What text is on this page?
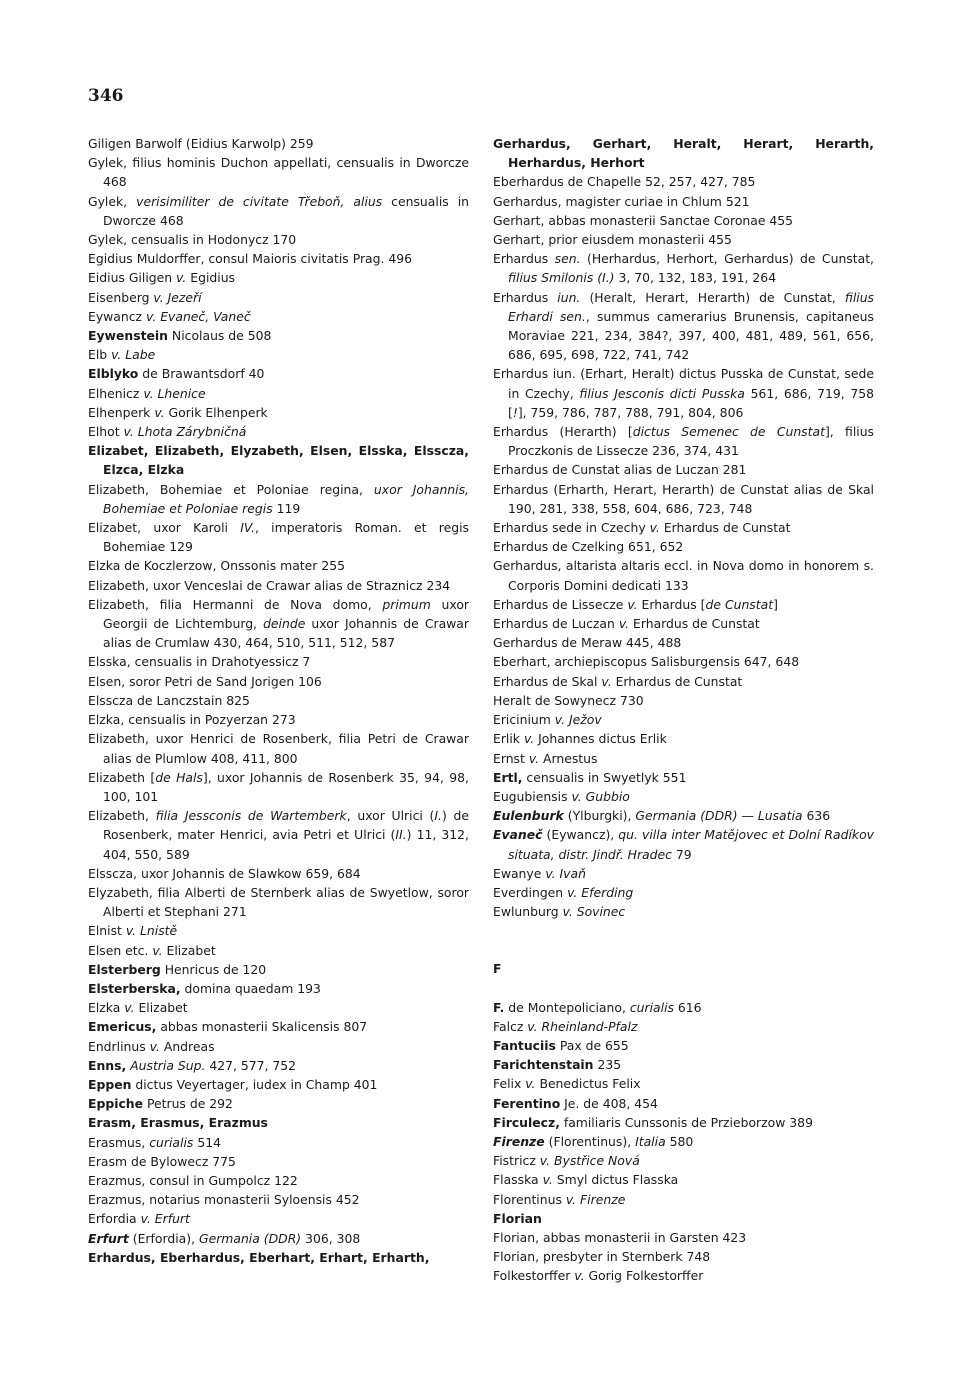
346
Giligen Barwolf (Eidius Karwolp) 259
Gylek, filius hominis Duchon appellati, censualis in Dworcze 468
Gylek, verisimiliter de civitate Třeboň, alius censualis in Dworcze 468
Gylek, censualis in Hodonycz 170
Egidius Muldorffer, consul Maioris civitatis Prag. 496
Eidius Giligen v. Egidius
Eisenberg v. Jezeří
Eywancz v. Evaneč, Vaneč
Eywenstein Nicolaus de 508
Elb v. Labe
Elblyko de Brawantsdorf 40
Elhenicz v. Lhenice
Elhenperk v. Gorik Elhenperk
Elhot v. Lhota Zárybničná
Elizabet, Elizabeth, Elyzabeth, Elsen, Elsska, Elsscza, Elzca, Elzka
Elizabeth, Bohemiae et Poloniae regina, uxor Johannis, Bohemiae et Poloniae regis 119
Elizabet, uxor Karoli IV., imperatoris Roman. et regis Bohemiae 129
Elzka de Koczlerzow, Onssonis mater 255
Elizabeth, uxor Venceslai de Crawar alias de Straznicz 234
Elizabeth, filia Hermanni de Nova domo, primum uxor Georgii de Lichtemburg, deinde uxor Johannis de Crawar alias de Crumlaw 430, 464, 510, 511, 512, 587
Elsska, censualis in Drahotyessicz 7
Elsen, soror Petri de Sand Jorigen 106
Elsscza de Lanczstain 825
Elzka, censualis in Pozyerzan 273
Elizabeth, uxor Henrici de Rosenberk, filia Petri de Crawar alias de Plumlow 408, 411, 800
Elizabeth [de Hals], uxor Johannis de Rosenberk 35, 94, 98, 100, 101
Elizabeth, filia Jessconis de Wartemberk, uxor Ulrici (I.) de Rosenberk, mater Henrici, avia Petri et Ulrici (II.) 11, 312, 404, 550, 589
Elsscza, uxor Johannis de Slawkow 659, 684
Elyzabeth, filia Alberti de Sternberk alias de Swyetlow, soror Alberti et Stephani 271
Elnist v. Lnistě
Elsen etc. v. Elizabet
Elsterberg Henricus de 120
Elsterberska, domina quaedam 193
Elzka v. Elizabet
Emericus, abbas monasterii Skalicensis 807
Endrlinus v. Andreas
Enns, Austria Sup. 427, 577, 752
Eppen dictus Veyertager, iudex in Champ 401
Eppiche Petrus de 292
Erasm, Erasmus, Erazmus
Erasmus, curialis 514
Erasm de Bylowecz 775
Erazmus, consul in Gumpolcz 122
Erazmus, notarius monasterii Syloensis 452
Erfordia v. Erfurt
Erfurt (Erfordia), Germania (DDR) 306, 308
Erhardus, Eberhardus, Eberhart, Erhart, Erharth,
Gerhardus, Gerhart, Heralt, Herart, Herarth, Herhardus, Herhort
Eberhardus de Chapelle 52, 257, 427, 785
Gerhardus, magister curiae in Chlum 521
Gerhart, abbas monasterii Sanctae Coronae 455
Gerhart, prior eiusdem monasterii 455
Erhardus sen. (Herhardus, Herhort, Gerhardus) de Cunstat, filius Smilonis (I.) 3, 70, 132, 183, 191, 264
Erhardus iun. (Heralt, Herart, Herarth) de Cunstat, filius Erhardi sen., summus camerarius Brunensis, capitaneus Moraviae 221, 234, 384?, 397, 400, 481, 489, 561, 656, 686, 695, 698, 722, 741, 742
Erhardus iun. (Erhart, Heralt) dictus Pusska de Cunstat, sede in Czechy, filius Jesconis dicti Pusska 561, 686, 719, 758 [!], 759, 786, 787, 788, 791, 804, 806
Erhardus (Herarth) [dictus Semenec de Cunstat], filius Proczkonis de Lissecze 236, 374, 431
Erhardus de Cunstat alias de Luczan 281
Erhardus (Erharth, Herart, Herarth) de Cunstat alias de Skal 190, 281, 338, 558, 604, 686, 723, 748
Erhardus sede in Czechy v. Erhardus de Cunstat
Erhardus de Czelking 651, 652
Gerhardus, altarista altaris eccl. in Nova domo in honorem s. Corporis Domini dedicati 133
Erhardus de Lissecze v. Erhardus [de Cunstat]
Erhardus de Luczan v. Erhardus de Cunstat
Gerhardus de Meraw 445, 488
Eberhart, archiepiscopus Salisburgensis 647, 648
Erhardus de Skal v. Erhardus de Cunstat
Heralt de Sowynecz 730
Ericinium v. Ježov
Erlik v. Johannes dictus Erlik
Ernst v. Arnestus
Ertl, censualis in Swyetlyk 551
Eugubiensis v. Gubbio
Eulenburk (Ylburgki), Germania (DDR) — Lusatia 636
Evaneč (Eywancz), qu. villa inter Matějovec et Dolní Radíkov situata, distr. Jindř. Hradec 79
Ewanye v. Ivaň
Everdingen v. Eferding
Ewlunburg v. Sovinec
F
F. de Montepoliciano, curialis 616
Falcz v. Rheinland-Pfalz
Fantuciis Pax de 655
Farichtenstain 235
Felix v. Benedictus Felix
Ferentino Je. de 408, 454
Firculecz, familiaris Cunssonis de Przieborzow 389
Firenze (Florentinus), Italia 580
Fistricz v. Bystřice Nová
Flasska v. Smyl dictus Flasska
Florentinus v. Firenze
Florian
Florian, abbas monasterii in Garsten 423
Florian, presbyter in Sternberk 748
Folkestorffer v. Gorig Folkestorffer
